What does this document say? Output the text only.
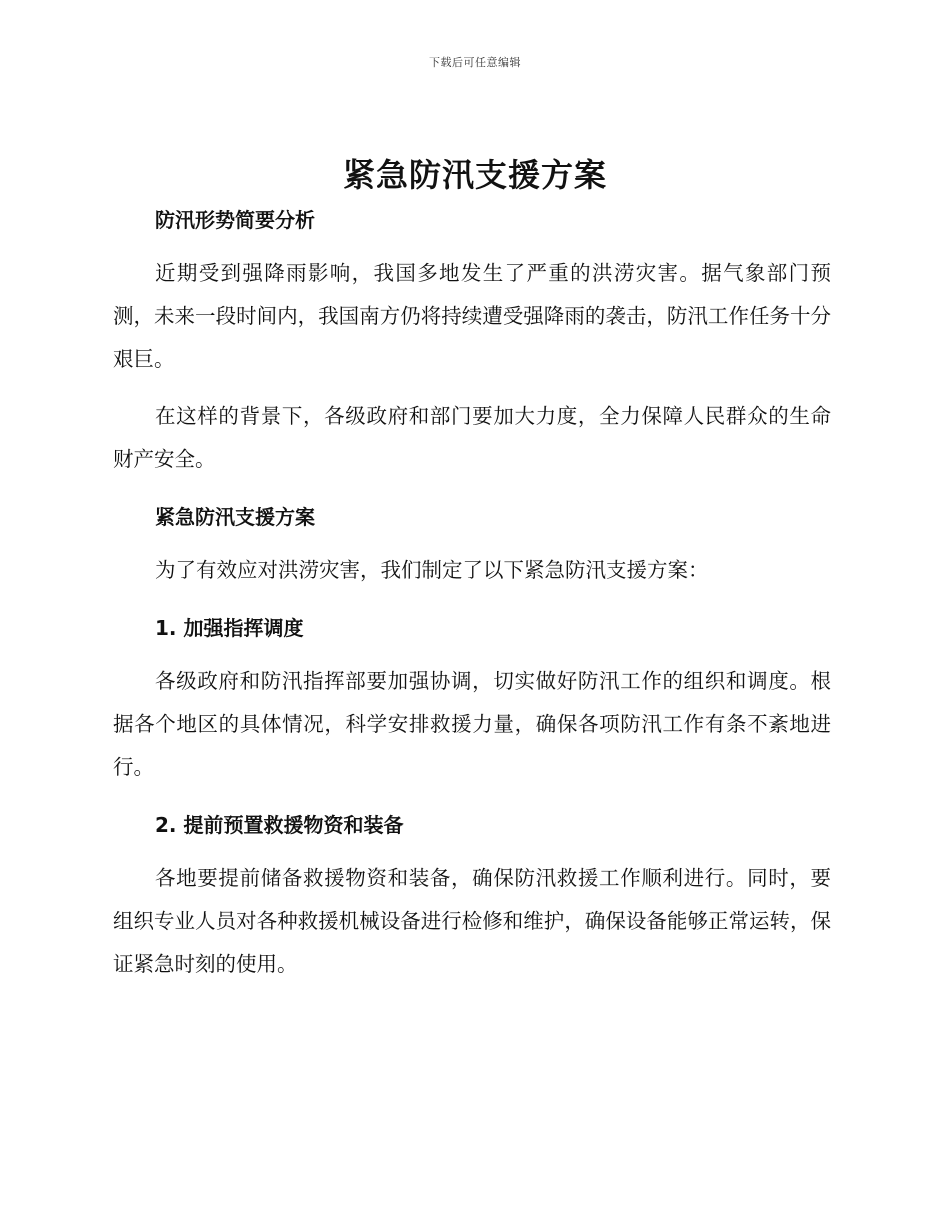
下载后可任意编辑
紧急防汛支援方案
防汛形势简要分析

近期受到强降雨影响，我国多地发生了严重的洪涝灾害。据气象部门预测，未来一段时间内，我国南方仍将持续遭受强降雨的袭击，防汛工作任务十分艰巨。

在这样的背景下，各级政府和部门要加大力度，全力保障人民群众的生命财产安全。

紧急防汛支援方案

为了有效应对洪涝灾害，我们制定了以下紧急防汛支援方案：

1. 加强指挥调度

各级政府和防汛指挥部要加强协调，切实做好防汛工作的组织和调度。根据各个地区的具体情况，科学安排救援力量，确保各项防汛工作有条不紊地进行。

2. 提前预置救援物资和装备

各地要提前储备救援物资和装备，确保防汛救援工作顺利进行。同时，要组织专业人员对各种救援机械设备进行检修和维护，确保设备能够正常运转，保证紧急时刻的使用。
